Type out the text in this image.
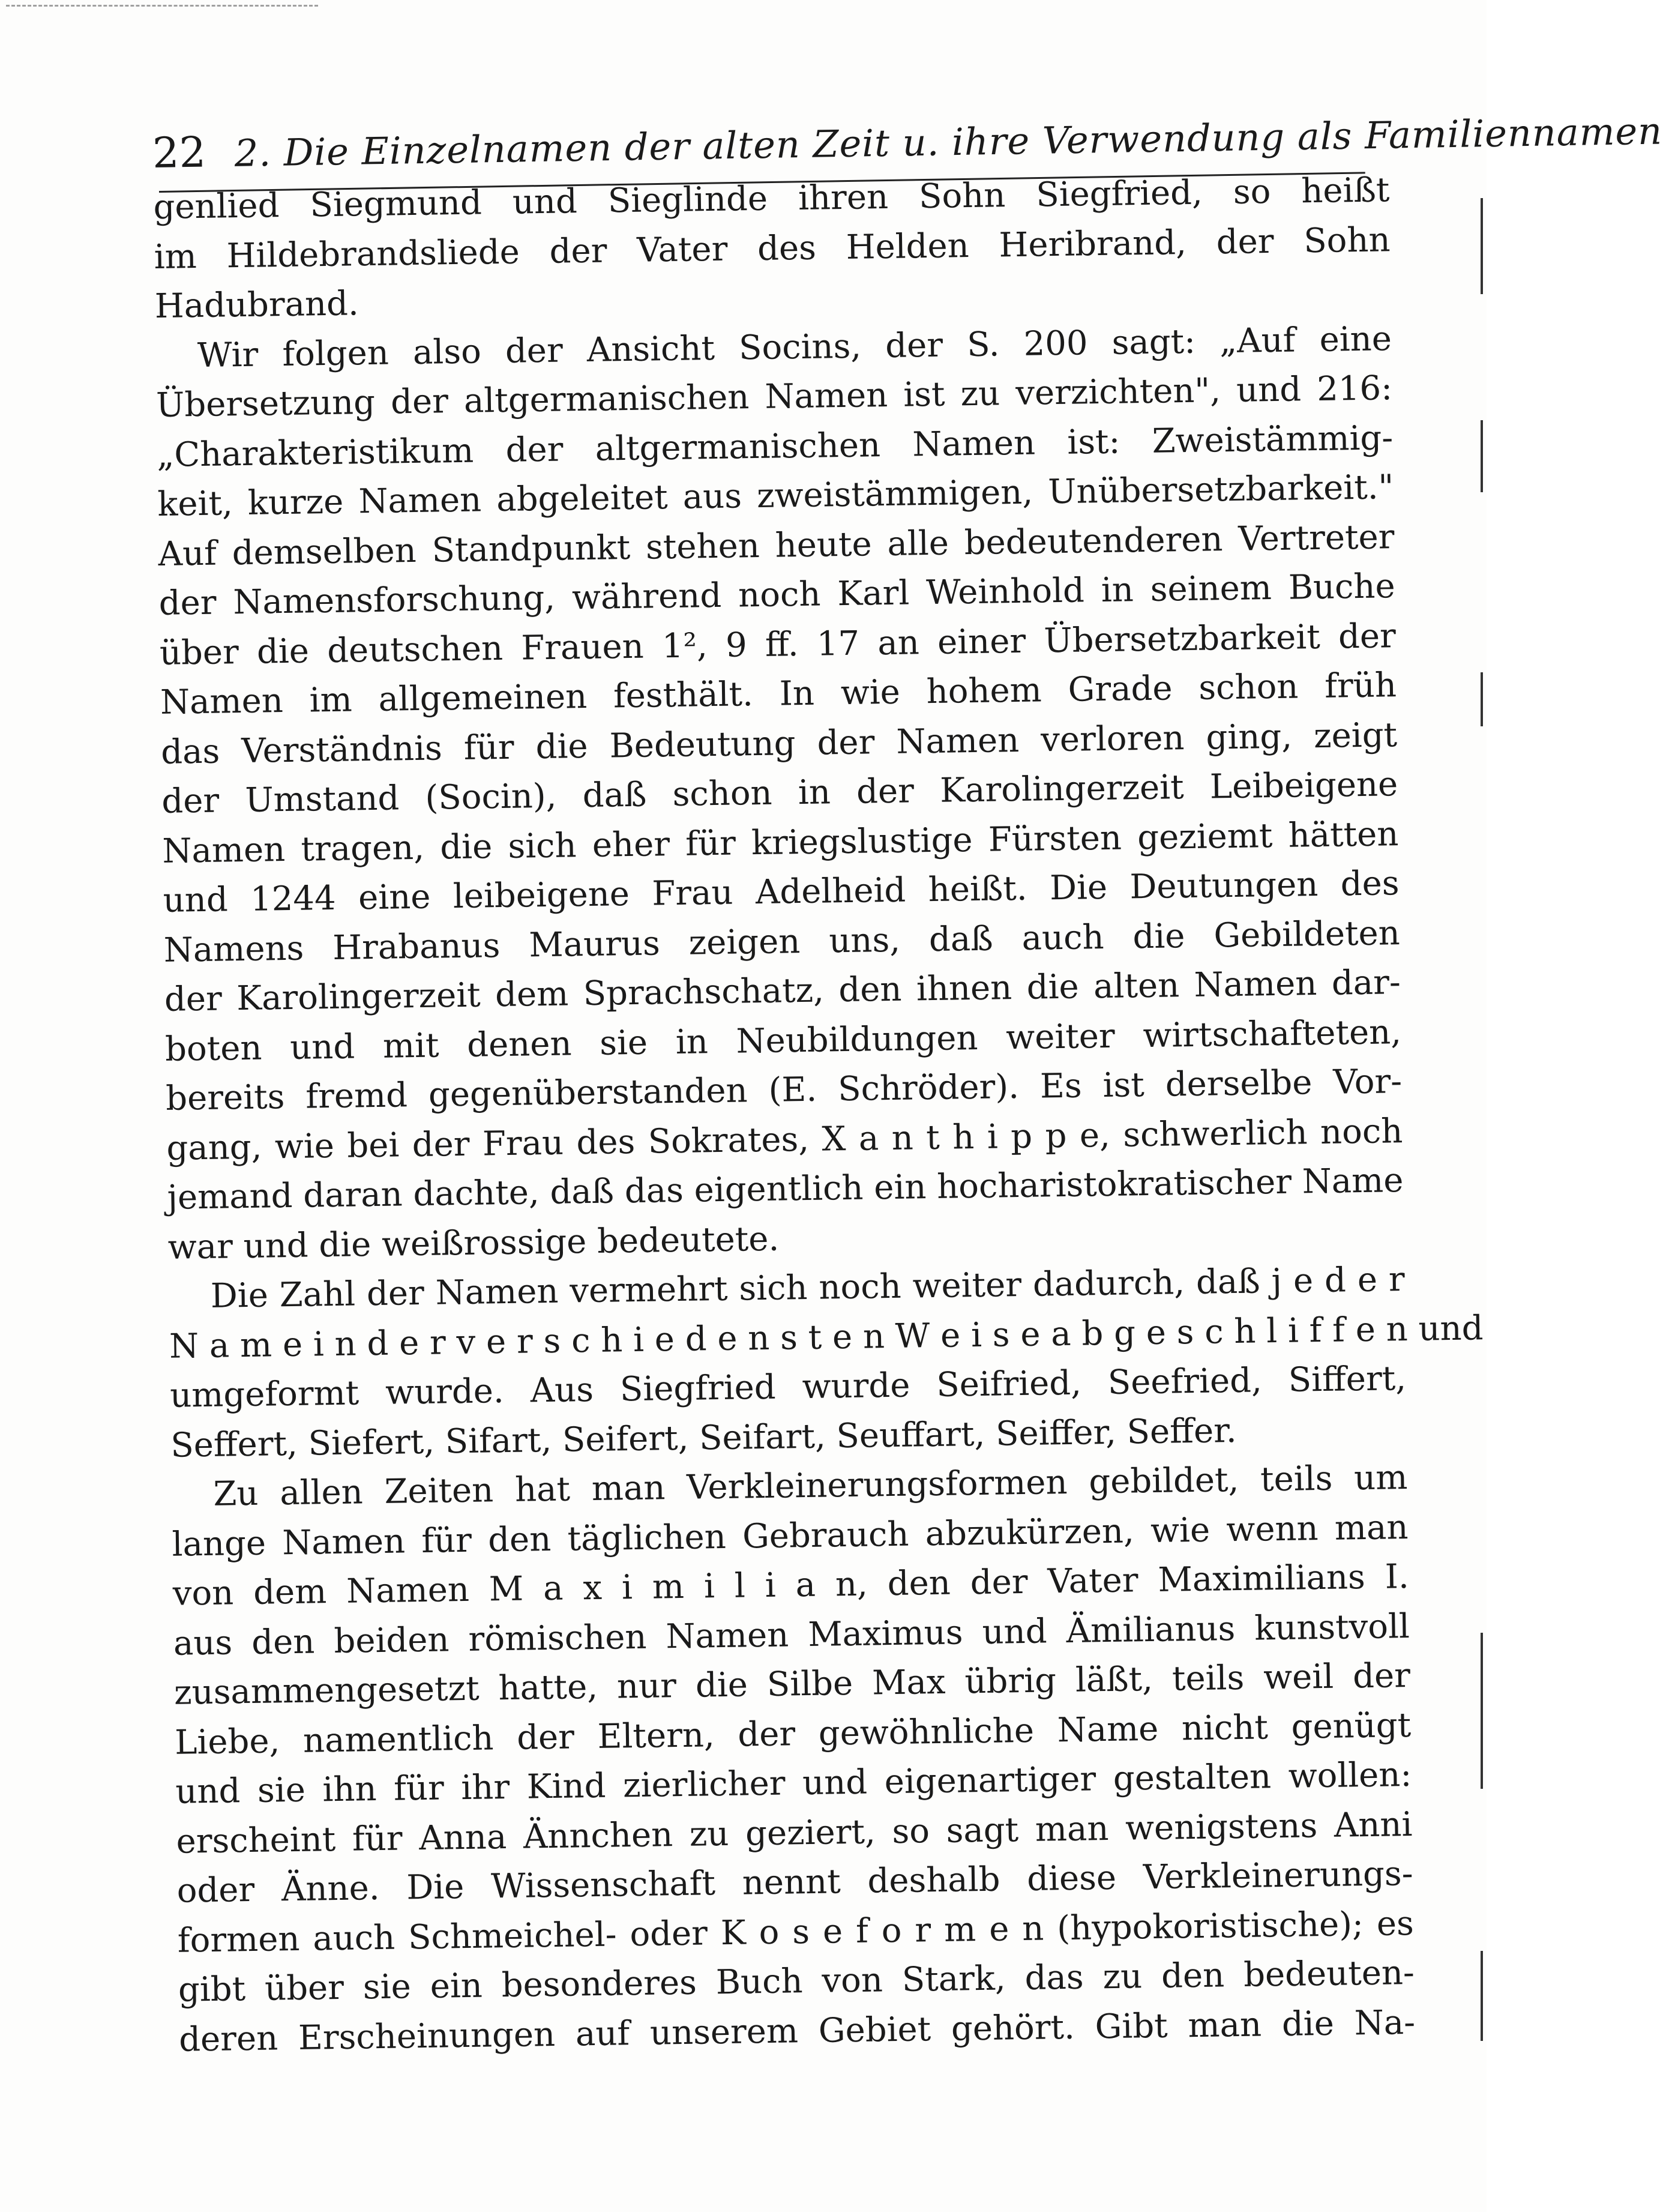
22 2. Die Einzelnamen der alten Zeit u. ihre Verwendung als Familiennamen
genlied Siegmund und Sieglinde ihren Sohn Siegfried, so heißt
im Hildebrandsliede der Vater des Helden Heribrand, der Sohn
Hadubrand.
Wir folgen also der Ansicht Socins, der S. 200 sagt: „Auf eine
Übersetzung der altgermanischen Namen ist zu verzichten", und 216:
„Charakteristikum der altgermanischen Namen ist: Zweistämmig-
keit, kurze Namen abgeleitet aus zweistämmigen, Unübersetzbarkeit."
Auf demselben Standpunkt stehen heute alle bedeutenderen Vertreter
der Namensforschung, während noch Karl Weinhold in seinem Buche
über die deutschen Frauen 1², 9 ff. 17 an einer Übersetzbarkeit der
Namen im allgemeinen festhält. In wie hohem Grade schon früh
das Verständnis für die Bedeutung der Namen verloren ging, zeigt
der Umstand (Socin), daß schon in der Karolingerzeit Leibeigene
Namen tragen, die sich eher für kriegslustige Fürsten geziemt hätten
und 1244 eine leibeigene Frau Adelheid heißt. Die Deutungen des
Namens Hrabanus Maurus zeigen uns, daß auch die Gebildeten
der Karolingerzeit dem Sprachschatz, den ihnen die alten Namen dar-
boten und mit denen sie in Neubildungen weiter wirtschafteten,
bereits fremd gegenüberstanden (E. Schröder). Es ist derselbe Vor-
gang, wie bei der Frau des Sokrates, X a n t h i p p e, schwerlich noch
jemand daran dachte, daß das eigentlich ein hocharistokratischer Name
war und die weißrossige bedeutete.
Die Zahl der Namen vermehrt sich noch weiter dadurch, daß j e d e r
N a m e i n d e r v e r s c h i e d e n s t e n W e i s e a b g e s c h l i f f e n und
umgeformt wurde. Aus Siegfried wurde Seifried, Seefried, Siffert,
Seffert, Siefert, Sifart, Seifert, Seifart, Seuffart, Seiffer, Seffer.
Zu allen Zeiten hat man Verkleinerungsformen gebildet, teils um
lange Namen für den täglichen Gebrauch abzukürzen, wie wenn man
von dem Namen M a x i m i l i a n, den der Vater Maximilians I.
aus den beiden römischen Namen Maximus und Ämilianus kunstvoll
zusammengesetzt hatte, nur die Silbe Max übrig läßt, teils weil der
Liebe, namentlich der Eltern, der gewöhnliche Name nicht genügt
und sie ihn für ihr Kind zierlicher und eigenartiger gestalten wollen:
erscheint für Anna Ännchen zu geziert, so sagt man wenigstens Anni
oder Änne. Die Wissenschaft nennt deshalb diese Verkleinerungs-
formen auch Schmeichel- oder K o s e f o r m e n (hypokoristische); es
gibt über sie ein besonderes Buch von Stark, das zu den bedeuten-
deren Erscheinungen auf unserem Gebiet gehört. Gibt man die Na-
